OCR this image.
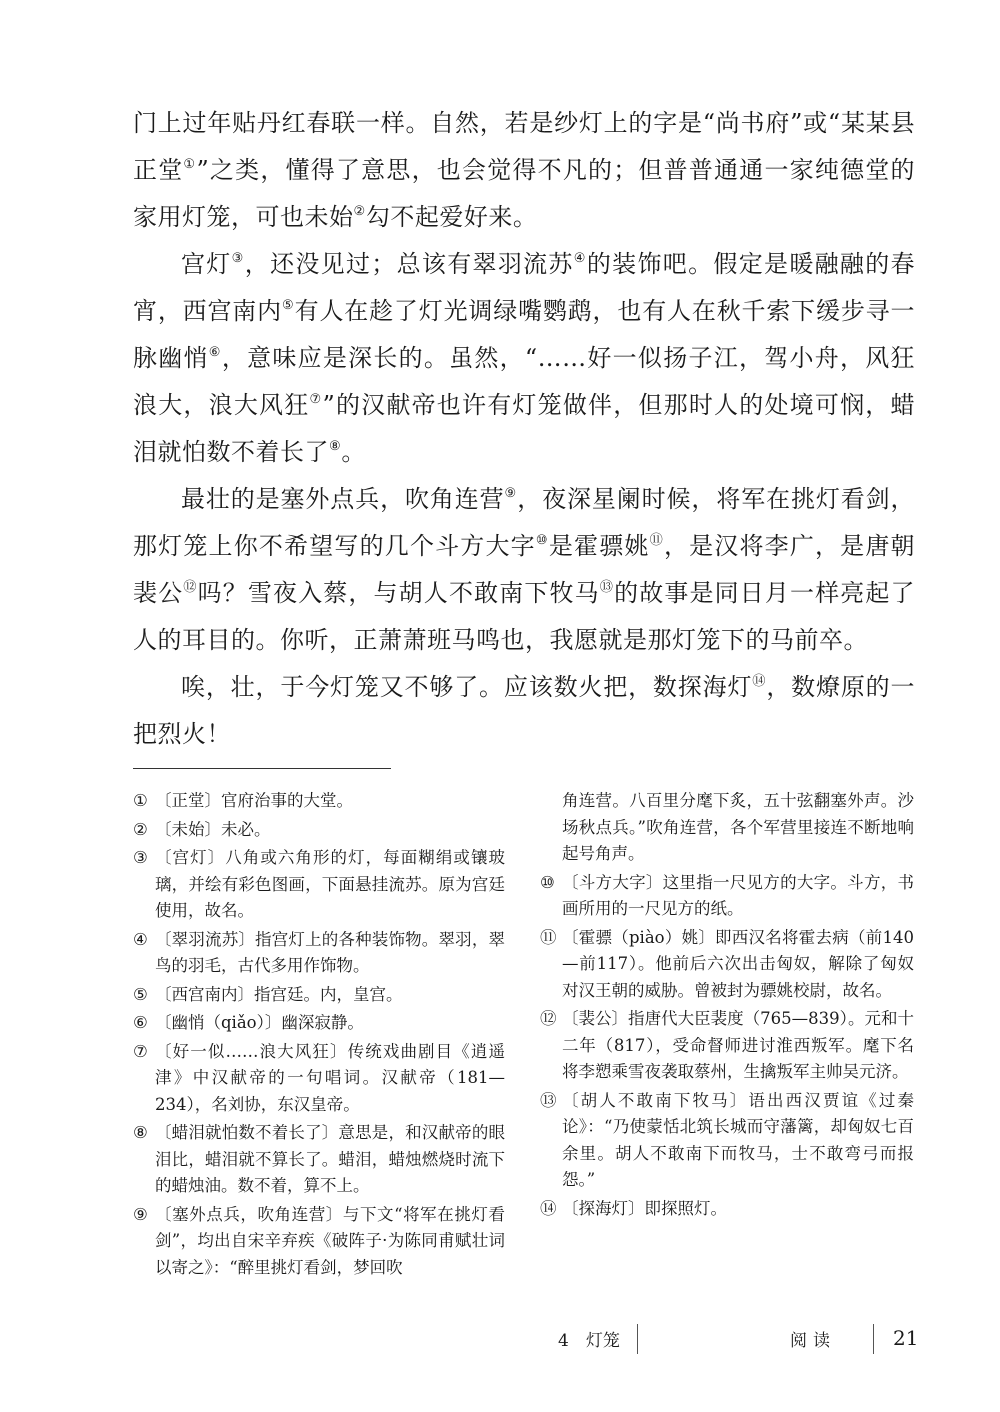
门上过年贴丹红春联一样。自然，若是纱灯上的字是“尚书府”或“某某县正堂①”之类，懂得了意思，也会觉得不凡的；但普普通通一家纯德堂的家用灯笼，可也未始②勾不起爱好来。

宫灯③，还没见过；总该有翠羽流苏④的装饰吧。假定是暖融融的春宵，西宫南内⑤有人在趁了灯光调绿嘴鹦鹉，也有人在秋千索下缓步寻一脉幽悄⑥，意味应是深长的。虽然，“……好一似扬子江，驾小舟，风狂浪大，浪大风狂⑦”的汉献帝也许有灯笼做伴，但那时人的处境可悯，蜡泪就怕数不着长了⑧。

最壮的是塞外点兵，吹角连营⑨，夜深星阑时候，将军在挑灯看剑，那灯笼上你不希望写的几个斗方大字⑩是霍骠姚⑪，是汉将李广，是唐朝裴公⑫吗？雪夜入蔡，与胡人不敢南下牧马⑬的故事是同日月一样亮起了人的耳目的。你听，正萧萧班马鸣也，我愿就是那灯笼下的马前卒。

唉，壮，于今灯笼又不够了。应该数火把，数探海灯⑭，数燎原的一把烈火！

① 〔正堂〕官府治事的大堂。
② 〔未始〕未必。
③ 〔宫灯〕八角或六角形的灯，每面糊绢或镶玻璃，并绘有彩色图画，下面悬挂流苏。原为宫廷使用，故名。
④ 〔翠羽流苏〕指宫灯上的各种装饰物。翠羽，翠鸟的羽毛，古代多用作饰物。
⑤ 〔西宫南内〕指宫廷。内，皇宫。
⑥ 〔幽悄（qiǎo）〕幽深寂静。
⑦ 〔好一似……浪大风狂〕传统戏曲剧目《逍遥津》中汉献帝的一句唱词。汉献帝（181—234），名刘协，东汉皇帝。
⑧ 〔蜡泪就怕数不着长了〕意思是，和汉献帝的眼泪比，蜡泪就不算长了。蜡泪，蜡烛燃烧时流下的蜡烛油。数不着，算不上。
⑨ 〔塞外点兵，吹角连营〕与下文“将军在挑灯看剑”，均出自宋辛弃疾《破阵子·为陈同甫赋壮词以寄之》：“醉里挑灯看剑，梦回吹
角连营。八百里分麾下炙，五十弦翻塞外声。沙场秋点兵。”吹角连营，各个军营里接连不断地响起号角声。
⑩ 〔斗方大字〕这里指一尺见方的大字。斗方，书画所用的一尺见方的纸。
⑪ 〔霍骠（piào）姚〕即西汉名将霍去病（前140—前117）。他前后六次出击匈奴，解除了匈奴对汉王朝的威胁。曾被封为骠姚校尉，故名。
⑫ 〔裴公〕指唐代大臣裴度（765—839）。元和十二年（817），受命督师进讨淮西叛军。麾下名将李愬乘雪夜袭取蔡州，生擒叛军主帅吴元济。
⑬ 〔胡人不敢南下牧马〕语出西汉贾谊《过秦论》：“乃使蒙恬北筑长城而守藩篱，却匈奴七百余里。胡人不敢南下而牧马，士不敢弯弓而报怨。”
⑭ 〔探海灯〕即探照灯。
4　灯笼	阅读	21
